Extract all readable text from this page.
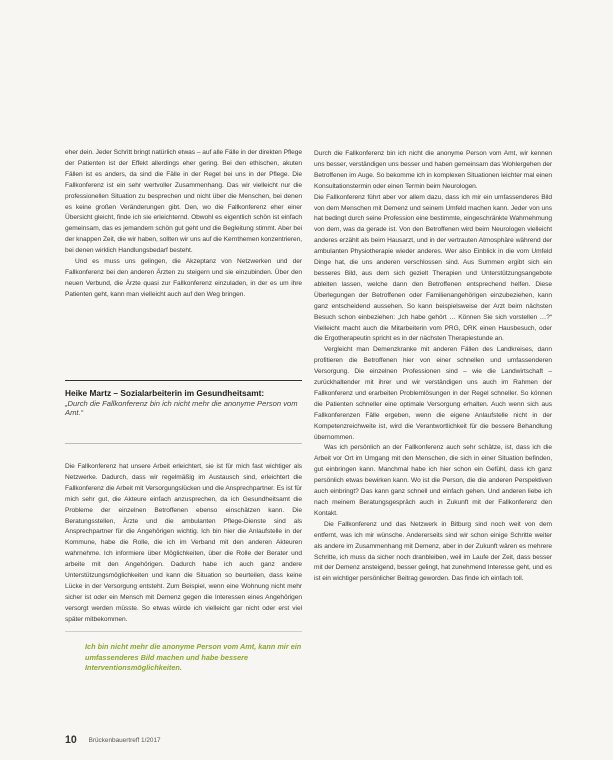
eher dein. Jeder Schritt bringt natürlich etwas – auf alle Fälle in der direkten Pflege der Patienten ist der Effekt allerdings eher gering. Bei den ethischen, akuten Fällen ist es anders, da sind die Fälle in der Regel bei uns in der Pflege. Die Fallkonferenz ist ein sehr wertvoller Zusammenhang. Das wir vielleicht nur die professionellen Situation zu besprechen und nicht über die Menschen, bei denen es keine großen Veränderungen gibt. Den, wo die Fallkonferenz eher einer Übersicht gleicht, finde ich sie erleichternd. Obwohl es eigentlich schön ist einfach gemeinsam, das es jemandem schön gut geht und die Begleitung stimmt. Aber bei der knappen Zeit, die wir haben, sollten wir uns auf die Kernthemen konzentrieren, bei denen wirklich Handlungsbedarf besteht.

Und es muss uns gelingen, die Akzeptanz von Netzwerken und der Fallkonferenz bei den anderen Ärzten zu steigern und sie einzubinden. Über den neuen Verbund, die Ärzte quasi zur Fallkonferenz einzuladen, in der es um ihre Patienten geht, kann man vielleicht auch auf den Weg bringen.

Heike Martz – Sozialarbeiterin im Gesundheitsamt:

„Durch die Fallkonferenz bin ich nicht mehr die anonyme Person vom Amt.“

Die Fallkonferenz hat unsere Arbeit erleichtert, sie ist für mich fast wichtiger als Netzwerke. Dadurch, dass wir regelmäßig im Austausch sind, erleichtert die Fallkonferenz die Arbeit mit Versorgungslücken und die Ansprechpartner. Es ist für mich sehr gut, die Akteure einfach anzusprechen, da ich Gesundheitsamt die Probleme der einzelnen Betroffenen ebenso einschätzen kann. Die Beratungsstellen, Ärzte und die ambulanten Pflege-Dienste sind als Ansprechpartner für die Angehörigen wichtig. Ich bin hier die Anlaufstelle in der Kommune, habe die Rolle, die ich im Verband mit den anderen Akteuren wahrnehme. Ich informiere über Möglichkeiten, über die Rolle der Berater und arbeite mit den Angehörigen. Dadurch habe ich auch ganz andere Unterstützungsmöglichkeiten und kann die Situation so beurteilen, dass keine Lücke in der Versorgung entsteht. Zum Beispiel, wenn eine Wohnung nicht mehr sicher ist oder ein Mensch mit Demenz gegen die Interessen eines Angehörigen versorgt werden müsste. So etwas würde ich vielleicht gar nicht oder erst viel später mitbekommen.

Ich bin nicht mehr die anonyme Person vom Amt, kann mir ein umfassenderes Bild machen und habe bessere Interventionsmöglichkeiten.

Durch die Fallkonferenz bin ich nicht die anonyme Person vom Amt, wir kennen uns besser, verständigen uns besser und haben gemeinsam das Wohlergehen der Betroffenen im Auge. So bekomme ich in komplexen Situationen leichter mal einen Konsultationstermin oder einen Termin beim Neurologen.

Die Fallkonferenz führt aber vor allem dazu, dass ich mir ein umfassenderes Bild von dem Menschen mit Demenz und seinem Umfeld machen kann. Jeder von uns hat bedingt durch seine Profession eine bestimmte, eingeschränkte Wahrnehmung von dem, was da gerade ist. Von den Betroffenen wird beim Neurologen vielleicht anderes erzählt als beim Hausarzt, und in der vertrauten Atmosphäre während der ambulanten Physiotherapie wieder anderes. Wer also Einblick in die vom Umfeld Dinge hat, die uns anderen verschlossen sind. Aus Summen ergibt sich ein besseres Bild, aus dem sich gezielt Therapien und Unterstützungsangebote ableiten lassen, welche dann den Betroffenen entsprechend helfen. Diese Überlegungen der Betroffenen oder Familienangehörigen einzubeziehen, kann ganz entscheidend aussehen. So kann beispielsweise der Arzt beim nächsten Besuch schon einbeziehen: „Ich habe gehört … Können Sie sich vorstellen …?“ Vielleicht macht auch die Mitarbeiterin vom PRG, DRK einen Hausbesuch, oder die Ergotherapeutin spricht es in der nächsten Therapiestunde an.

Vergleicht man Demenzkranke mit anderen Fällen des Landkreises, dann profitieren die Betroffenen hier von einer schnellen und umfassenderen Versorgung. Die einzelnen Professionen sind – wie die Landwirtschaft – zurückhaltender mit ihrer und wir verständigen uns auch im Rahmen der Fallkonferenz und erarbeiten Problemlösungen in der Regel schneller. So können die Patienten schneller eine optimale Versorgung erhalten. Auch wenn sich aus Fallkonferenzen Fälle ergeben, wenn die eigene Anlaufstelle nicht in der Kompetenzreichweite ist, wird die Verantwortlichkeit für die bessere Behandlung übernommen.

Was ich persönlich an der Fallkonferenz auch sehr schätze, ist, dass ich die Arbeit vor Ort im Umgang mit den Menschen, die sich in einer Situation befinden, gut einbringen kann. Manchmal habe ich hier schon ein Gefühl, dass ich ganz persönlich etwas bewirken kann. Wo ist die Person, die die anderen Perspektiven auch einbringt? Das kann ganz schnell und einfach gehen. Und anderen liebe ich nach meinem Beratungsgespräch auch in Zukunft mit der Fallkonferenz den Kontakt.

Die Fallkonferenz und das Netzwerk in Bitburg sind noch weit von dem entfernt, was ich mir wünsche. Andererseits sind wir schon einige Schritte weiter als andere im Zusammenhang mit Demenz, aber in der Zukunft wären es mehrere Schritte, ich muss da sicher noch dranbleiben, weil im Laufe der Zeit, dass besser mit der Demenz ansteigend, besser gelingt, hat zunehmend Interesse geht, und es ist ein wichtiger persönlicher Beitrag geworden. Das finde ich einfach toll.

10 Brückenbauertreff 1/2017
